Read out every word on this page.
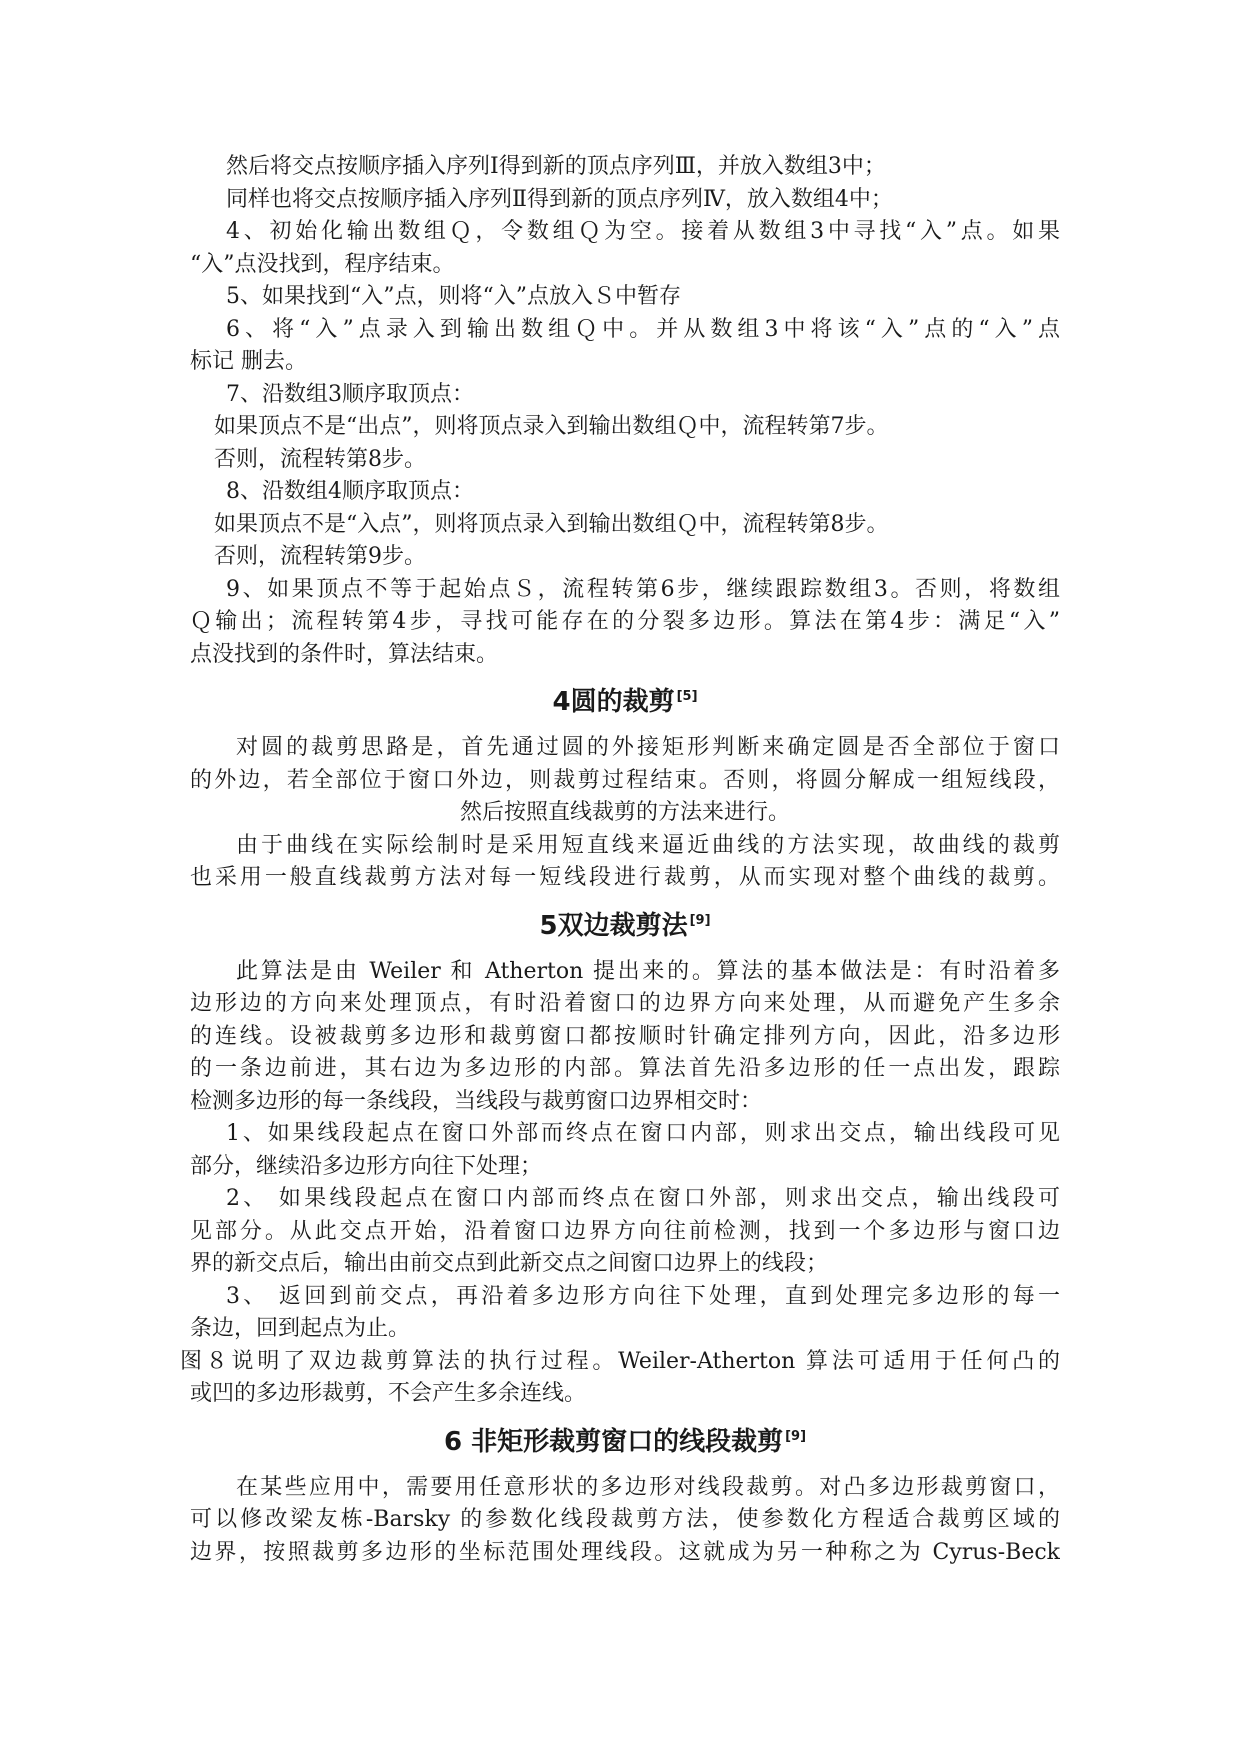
然后将交点按顺序插入序列Ⅰ得到新的顶点序列Ⅲ，并放入数组3中；

同样也将交点按顺序插入序列Ⅱ得到新的顶点序列Ⅳ，放入数组4中；

4、初始化输出数组Ｑ，令数组Ｑ为空。接着从数组3中寻找“入”点。如果

“入”点没找到，程序结束。

5、如果找到“入”点，则将“入”点放入Ｓ中暂存

6、将“入”点录入到输出数组Ｑ中。并从数组3中将该“入”点的“入”点

标记 删去。

7、沿数组3顺序取顶点：

如果顶点不是“出点”，则将顶点录入到输出数组Ｑ中，流程转第7步。

否则，流程转第8步。

8、沿数组4顺序取顶点：

如果顶点不是“入点”，则将顶点录入到输出数组Ｑ中，流程转第8步。

否则，流程转第9步。

9、如果顶点不等于起始点Ｓ，流程转第6步，继续跟踪数组3。否则，将数组

Ｑ输出；流程转第4步，寻找可能存在的分裂多边形。算法在第4步：满足“入”

点没找到的条件时，算法结束。

4圆的裁剪 [5]

对圆的裁剪思路是，首先通过圆的外接矩形判断来确定圆是否全部位于窗口

的外边，若全部位于窗口外边，则裁剪过程结束。否则，将圆分解成一组短线段，

然后按照直线裁剪的方法来进行。

由于曲线在实际绘制时是采用短直线来逼近曲线的方法实现，故曲线的裁剪

也采用一般直线裁剪方法对每一短线段进行裁剪，从而实现对整个曲线的裁剪。

5双边裁剪法 [9]

此算法是由 Weiler 和 Atherton 提出来的。算法的基本做法是：有时沿着多

边形边的方向来处理顶点，有时沿着窗口的边界方向来处理，从而避免产生多余

的连线。设被裁剪多边形和裁剪窗口都按顺时针确定排列方向，因此，沿多边形

的一条边前进，其右边为多边形的内部。算法首先沿多边形的任一点出发，跟踪

检测多边形的每一条线段，当线段与裁剪窗口边界相交时：

1、如果线段起点在窗口外部而终点在窗口内部，则求出交点，输出线段可见

部分，继续沿多边形方向往下处理；

2、 如果线段起点在窗口内部而终点在窗口外部，则求出交点，输出线段可

见部分。从此交点开始，沿着窗口边界方向往前检测，找到一个多边形与窗口边

界的新交点后，输出由前交点到此新交点之间窗口边界上的线段；

3、 返回到前交点，再沿着多边形方向往下处理，直到处理完多边形的每一

条边，回到起点为止。

图８说明了双边裁剪算法的执行过程。Weiler-Atherton 算法可适用于任何凸的

或凹的多边形裁剪，不会产生多余连线。

6 非矩形裁剪窗口的线段裁剪 [9]

在某些应用中，需要用任意形状的多边形对线段裁剪。对凸多边形裁剪窗口，

可以修改梁友栋-Barsky 的参数化线段裁剪方法，使参数化方程适合裁剪区域的

边界，按照裁剪多边形的坐标范围处理线段。这就成为另一种称之为 Cyrus-Beck
